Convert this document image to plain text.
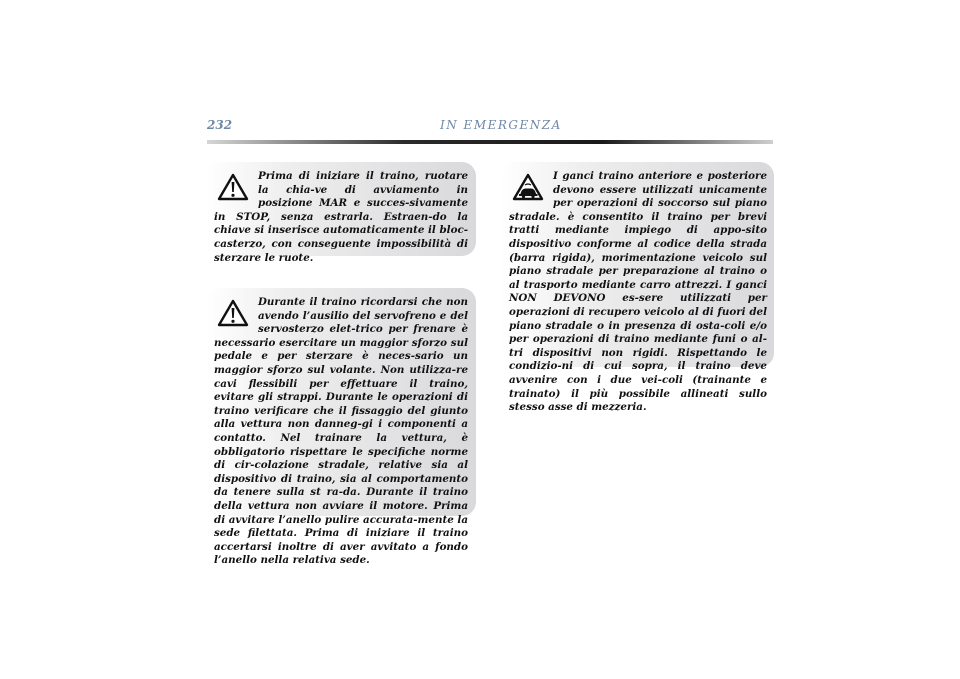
232	IN EMERGENZA

Prima di iniziare il traino, ruotare la chia-ve di avviamento in posizione MAR e succes-sivamente in STOP, senza estrarla. Estraen-do la chiave si inserisce automaticamente il bloc-casterzo, con conseguente impossibilità di sterzare le ruote.

Durante il traino ricordarsi che non avendo l’ausilio del servofreno e del servosterzo elet-trico per frenare è necessario esercitare un maggior sforzo sul pedale e per sterzare è neces-sario un maggior sforzo sul volante. Non utilizza-re cavi flessibili per effettuare il traino, evitare gli strappi. Durante le operazioni di traino verificare che il fissaggio del giunto alla vettura non danneg-gi i componenti a contatto. Nel trainare la vettura, è obbligatorio rispettare le specifiche norme di cir-colazione stradale, relative sia al dispositivo di traino, sia al comportamento da tenere sulla st ra-da. Durante il traino della vettura non avviare il motore. Prima di avvitare l’anello pulire accurata-mente la sede filettata. Prima di iniziare il traino accertarsi inoltre di aver avvitato a fondo l’anello nella relativa sede.

I ganci traino anteriore e posteriore devono essere utilizzati unicamente per operazioni di soccorso sul piano stradale. è consentito il traino per brevi tratti mediante impiego di appo-sito dispositivo conforme al codice della strada (barra rigida), morimentazione veicolo sul piano stradale per preparazione al traino o al trasporto mediante carro attrezzi. I ganci NON DEVONO es-sere utilizzati per operazioni di recupero veicolo al di fuori del piano stradale o in presenza di osta-coli e/o per operazioni di traino mediante funi o al-tri dispositivi non rigidi. Rispettando le condizio-ni di cui sopra, il traino deve avvenire con i due vei-coli (trainante e trainato) il più possibile allineati sullo stesso asse di mezzeria.
